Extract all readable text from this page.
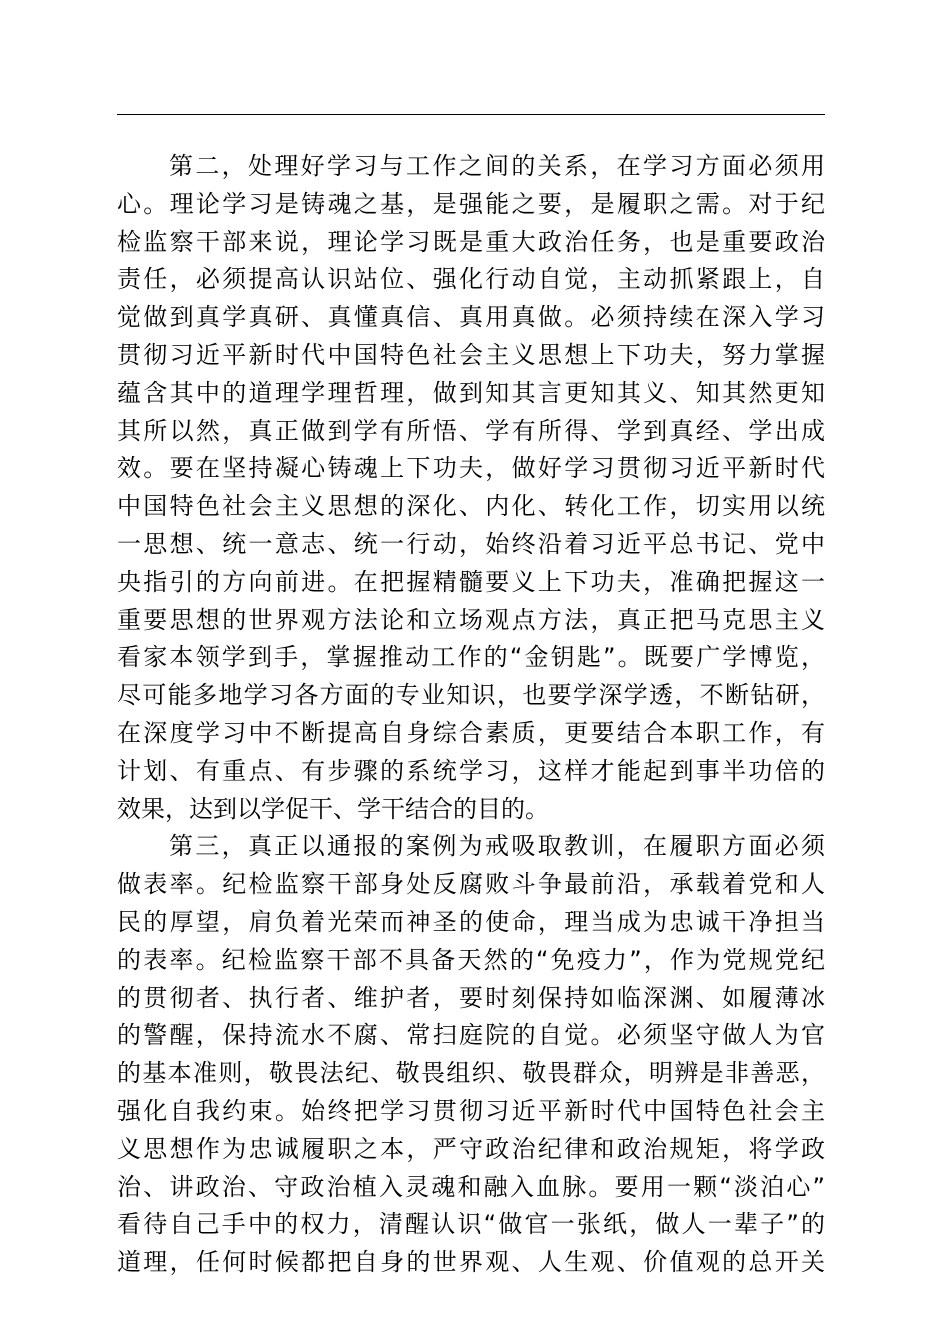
第二，处理好学习与工作之间的关系，在学习方面必须用
心。理论学习是铸魂之基，是强能之要，是履职之需。对于纪
检监察干部来说，理论学习既是重大政治任务，也是重要政治
责任，必须提高认识站位、强化行动自觉，主动抓紧跟上，自
觉做到真学真研、真懂真信、真用真做。必须持续在深入学习
贯彻习近平新时代中国特色社会主义思想上下功夫，努力掌握
蕴含其中的道理学理哲理，做到知其言更知其义、知其然更知
其所以然，真正做到学有所悟、学有所得、学到真经、学出成
效。要在坚持凝心铸魂上下功夫，做好学习贯彻习近平新时代
中国特色社会主义思想的深化、内化、转化工作，切实用以统
一思想、统一意志、统一行动，始终沿着习近平总书记、党中
央指引的方向前进。在把握精髓要义上下功夫，准确把握这一
重要思想的世界观方法论和立场观点方法，真正把马克思主义
看家本领学到手，掌握推动工作的“金钥匙”。既要广学博览，
尽可能多地学习各方面的专业知识，也要学深学透，不断钻研，
在深度学习中不断提高自身综合素质，更要结合本职工作，有
计划、有重点、有步骤的系统学习，这样才能起到事半功倍的
效果，达到以学促干、学干结合的目的。
第三，真正以通报的案例为戒吸取教训，在履职方面必须
做表率。纪检监察干部身处反腐败斗争最前沿，承载着党和人
民的厚望，肩负着光荣而神圣的使命，理当成为忠诚干净担当
的表率。纪检监察干部不具备天然的“免疫力”，作为党规党纪
的贯彻者、执行者、维护者，要时刻保持如临深渊、如履薄冰
的警醒，保持流水不腐、常扫庭院的自觉。必须坚守做人为官
的基本准则，敬畏法纪、敬畏组织、敬畏群众，明辨是非善恶，
强化自我约束。始终把学习贯彻习近平新时代中国特色社会主
义思想作为忠诚履职之本，严守政治纪律和政治规矩，将学政
治、讲政治、守政治植入灵魂和融入血脉。要用一颗“淡泊心”
看待自己手中的权力，清醒认识“做官一张纸，做人一辈子”的
道理，任何时候都把自身的世界观、人生观、价值观的总开关
